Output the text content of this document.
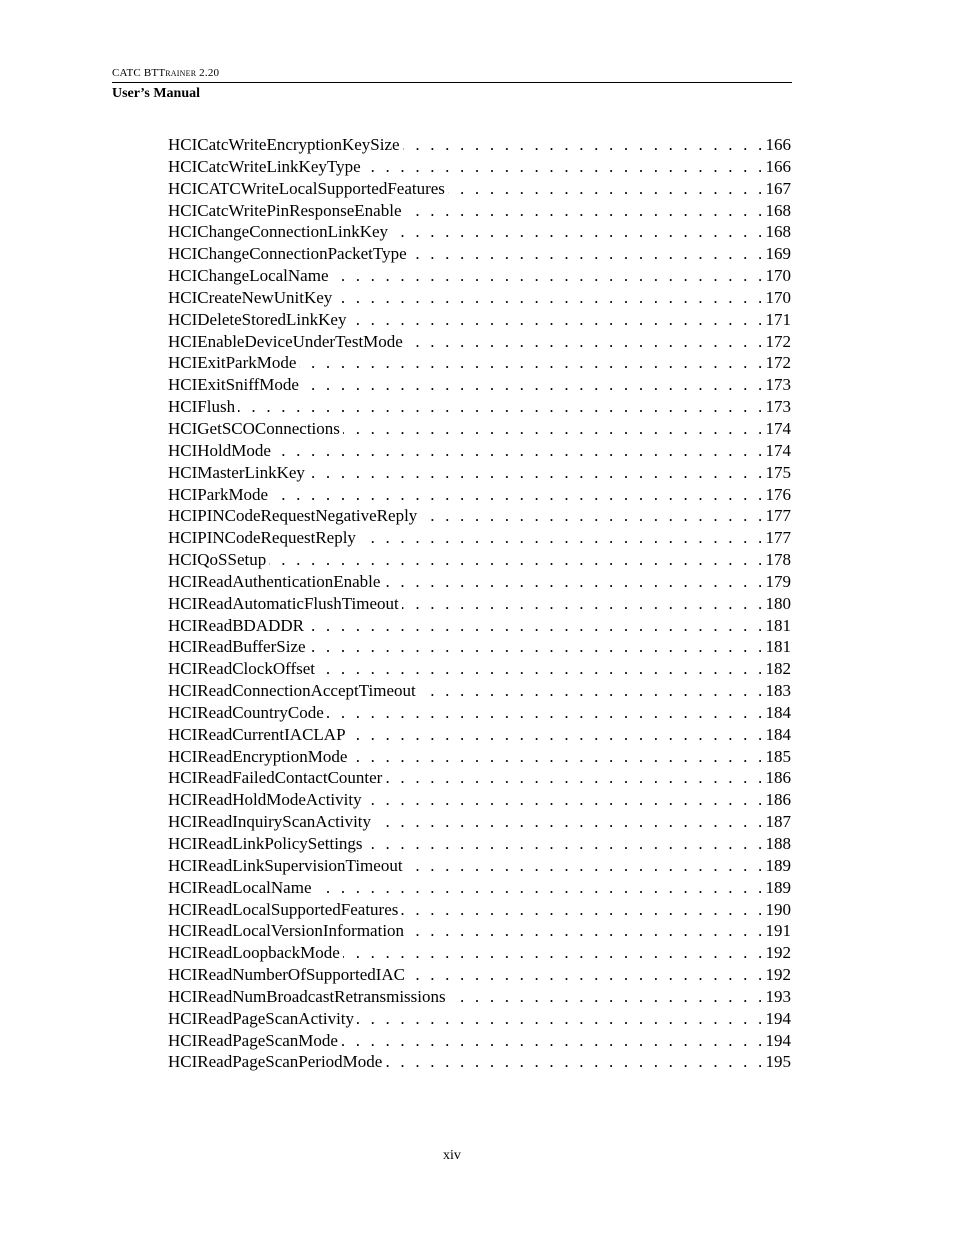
CATC BTTrainer 2.20
User’s Manual
HCICatcWriteEncryptionKeySize . . .	166
HCICatcWriteLinkKeyType . . .	166
HCICATCWriteLocalSupportedFeatures . . .	167
HCICatcWritePinResponseEnable . . .	168
HCIChangeConnectionLinkKey . . .	168
HCIChangeConnectionPacketType . . .	169
HCIChangeLocalName . . .	170
HCICreateNewUnitKey . . .	170
HCIDeleteStoredLinkKey . . .	171
HCIEnableDeviceUnderTestMode . . .	172
HCIExitParkMode . . .	172
HCIExitSniffMode . . .	173
HCIFlush . . .	173
HCIGetSCOConnections . . .	174
HCIHoldMode . . .	174
HCIMasterLinkKey . . .	175
HCIParkMode . . .	176
HCIPINCodeRequestNegativeReply . . .	177
HCIPINCodeRequestReply . . .	177
HCIQoSSetup . . .	178
HCIReadAuthenticationEnable . . .	179
HCIReadAutomaticFlushTimeout . . .	180
HCIReadBDADDR . . .	181
HCIReadBufferSize . . .	181
HCIReadClockOffset . . .	182
HCIReadConnectionAcceptTimeout . . .	183
HCIReadCountryCode . . .	184
HCIReadCurrentIACLAP . . .	184
HCIReadEncryptionMode . . .	185
HCIReadFailedContactCounter . . .	186
HCIReadHoldModeActivity . . .	186
HCIReadInquiryScanActivity . . .	187
HCIReadLinkPolicySettings . . .	188
HCIReadLinkSupervisionTimeout . . .	189
HCIReadLocalName . . .	189
HCIReadLocalSupportedFeatures . . .	190
HCIReadLocalVersionInformation . . .	191
HCIReadLoopbackMode . . .	192
HCIReadNumberOfSupportedIAC . . .	192
HCIReadNumBroadcastRetransmissions . . .	193
HCIReadPageScanActivity . . .	194
HCIReadPageScanMode . . .	194
HCIReadPageScanPeriodMode . . .	195
xiv
